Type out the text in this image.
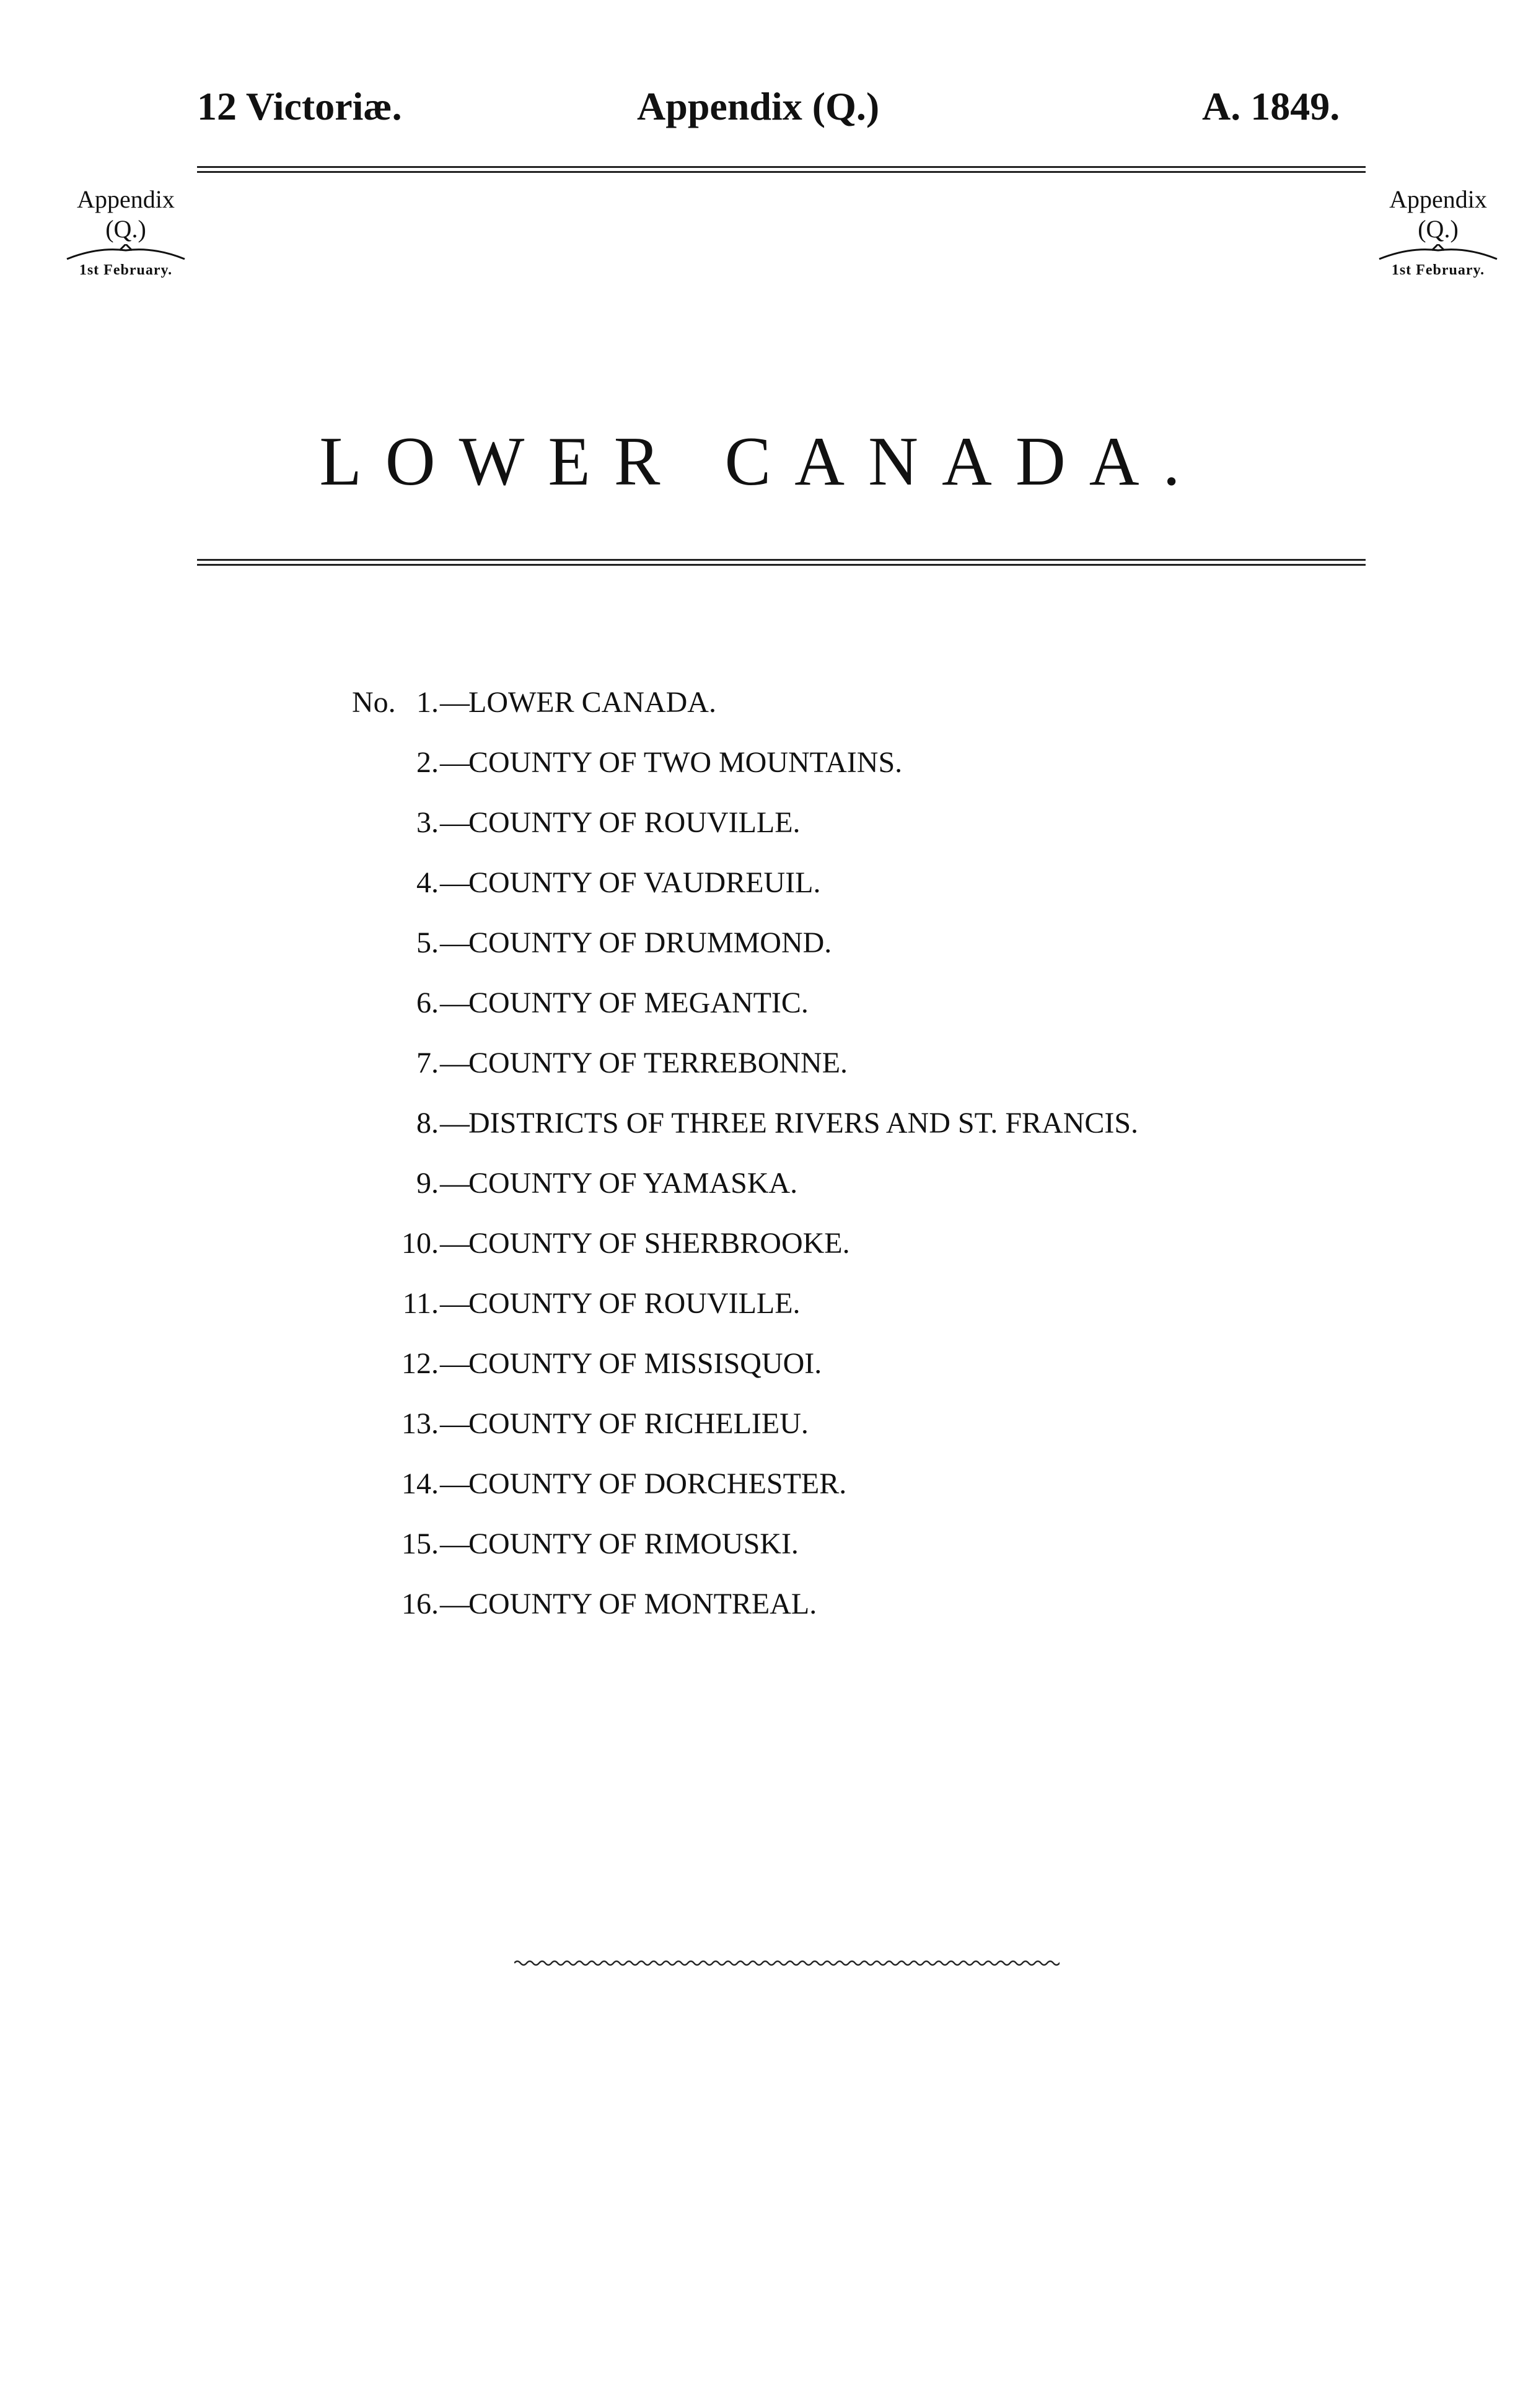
12 Victoriæ.	Appendix (Q.)	A. 1849.
Appendix
(Q.)
1st February.
Appendix
(Q.)
1st February.
LOWER CANADA.
No. 1. —
LOWER CANADA.
2. —
COUNTY OF TWO MOUNTAINS.
3. —
COUNTY OF ROUVILLE.
4. —
COUNTY OF VAUDREUIL.
5. —
COUNTY OF DRUMMOND.
6. —
COUNTY OF MEGANTIC.
7. —
COUNTY OF TERREBONNE.
8. —
DISTRICTS OF THREE RIVERS AND ST. FRANCIS.
9. —
COUNTY OF YAMASKA.
10. —
COUNTY OF SHERBROOKE.
11. —
COUNTY OF ROUVILLE.
12. —
COUNTY OF MISSISQUOI.
13. —
COUNTY OF RICHELIEU.
14. —
COUNTY OF DORCHESTER.
15. —
COUNTY OF RIMOUSKI.
16. —
COUNTY OF MONTREAL.
